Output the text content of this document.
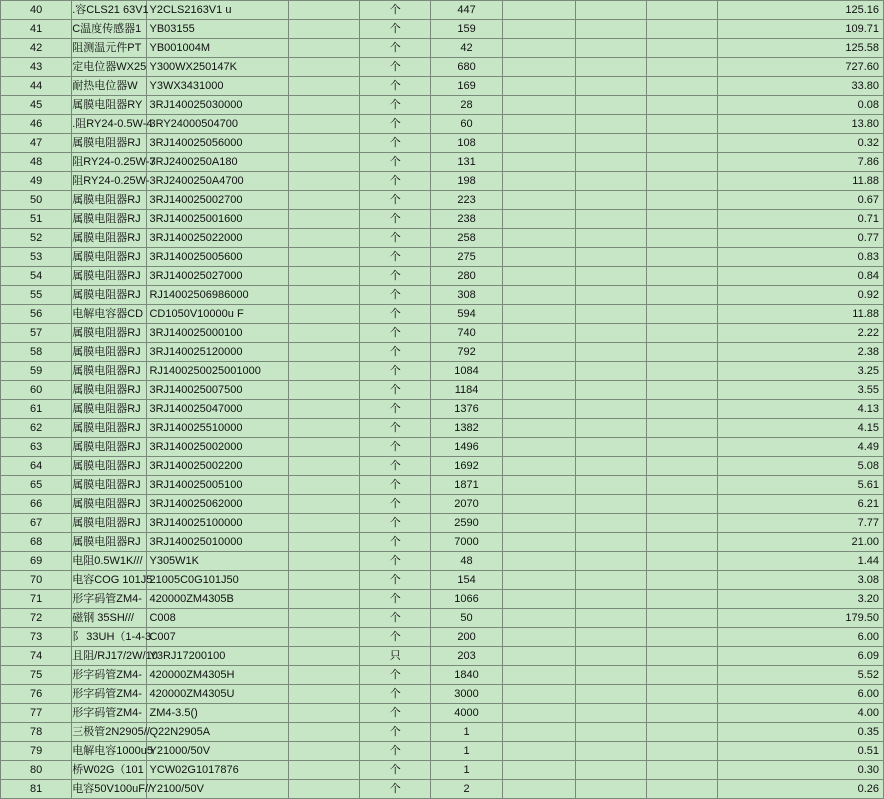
40	.容CLS21 63V1	Y2CLS2163V1 u		个	447				125.16
41	C温度传感器1	YB03155		个	159				109.71
42	阻测温元件PT	YB001004M		个	42				125.58
43	定电位器WX25	Y300WX250147K		个	680				727.60
44	耐热电位器W	Y3WX3431000		个	169				33.80
45	属膜电阻器RY	3RJ140025030000		个	28				0.08
46	.阻RY24-0.5W-4	3RY24000504700		个	60				13.80
47	属膜电阻器RJ	3RJ140025056000		个	108				0.32
48	阻RY24-0.25W-7	3RJ2400250A180		个	131				7.86
49	阻RY24-0.25W-	3RJ2400250A4700		个	198				11.88
50	属膜电阻器RJ	3RJ140025002700		个	223				0.67
51	属膜电阻器RJ	3RJ140025001600		个	238				0.71
52	属膜电阻器RJ	3RJ140025022000		个	258				0.77
53	属膜电阻器RJ	3RJ140025005600		个	275				0.83
54	属膜电阻器RJ	3RJ140025027000		个	280				0.84
55	属膜电阻器RJ	RJ14002506986000		个	308				0.92
56	电解电容器CD	CD1050V10000u F		个	594				11.88
57	属膜电阻器RJ	3RJ140025000100		个	740				2.22
58	属膜电阻器RJ	3RJ140025120000		个	792				2.38
59	属膜电阻器RJ	RJ1400250025001000		个	1084				3.25
60	属膜电阻器RJ	3RJ140025007500		个	1184				3.55
61	属膜电阻器RJ	3RJ140025047000		个	1376				4.13
62	属膜电阻器RJ	3RJ140025510000		个	1382				4.15
63	属膜电阻器RJ	3RJ140025002000		个	1496				4.49
64	属膜电阻器RJ	3RJ140025002200		个	1692				5.08
65	属膜电阻器RJ	3RJ140025005100		个	1871				5.61
66	属膜电阻器RJ	3RJ140025062000		个	2070				6.21
67	属膜电阻器RJ	3RJ140025100000		个	2590				7.77
68	属膜电阻器RJ	3RJ140025010000		个	7000				21.00
69	电阻0.5W1K///	Y305W1K		个	48				1.44
70	电容COG 101J5	21005C0G101J50		个	154				3.08
71	形字码管ZM4-	420000ZM4305B		个	1066				3.20
72	磁钢 35SH///	C008		个	50				179.50
73	阝 33UH（1-4-3	C007		个	200				6.00
74	且阻/RJ17/2W/10	Y3RJ17200100		只	203				6.09
75	形字码管ZM4-	420000ZM4305H		个	1840				5.52
76	形字码管ZM4-	420000ZM4305U		个	3000				6.00
77	形字码管ZM4-	ZM4-3.5()		个	4000				4.00
78	三极管2N2905//	Q22N2905A		个	1				0.35
79	电解电容1000u5	Y21000/50V		个	1				0.51
80	桥W02G（101	YCW02G1017876		个	1				0.30
81	电容50V100uF//	Y2100/50V		个	2				0.26
